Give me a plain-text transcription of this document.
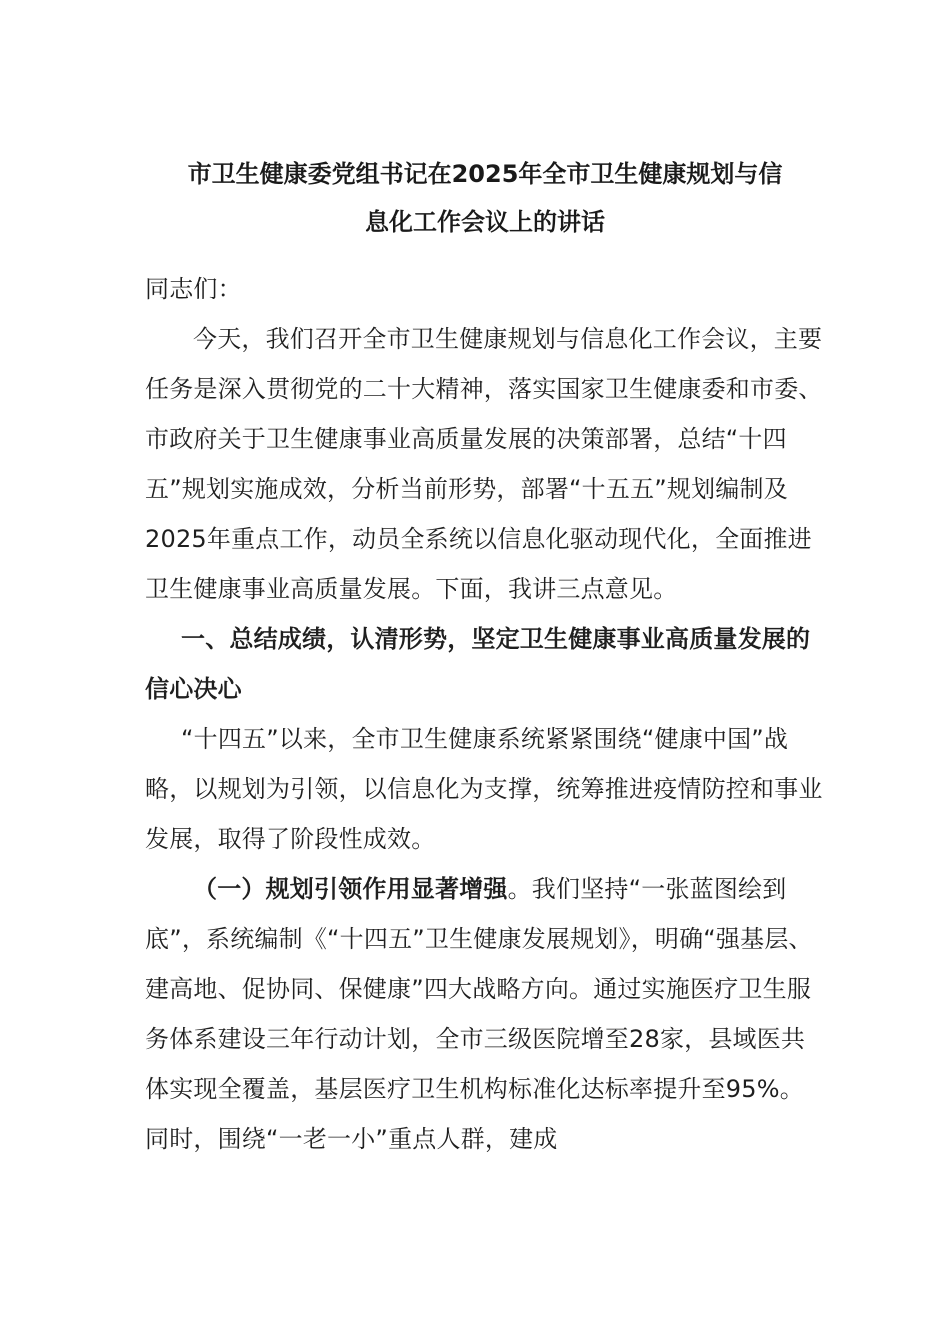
市卫生健康委党组书记在2025年全市卫生健康规划与信
息化工作会议上的讲话

同志们：

今天，我们召开全市卫生健康规划与信息化工作会议，主要任务是深入贯彻党的二十大精神，落实国家卫生健康委和市委、市政府关于卫生健康事业高质量发展的决策部署，总结“十四五”规划实施成效，分析当前形势，部署“十五五”规划编制及2025年重点工作，动员全系统以信息化驱动现代化，全面推进卫生健康事业高质量发展。下面，我讲三点意见。

一、总结成绩，认清形势，坚定卫生健康事业高质量发展的信心决心

“十四五”以来，全市卫生健康系统紧紧围绕“健康中国”战略，以规划为引领，以信息化为支撑，统筹推进疫情防控和事业发展，取得了阶段性成效。

（一）规划引领作用显著增强。我们坚持“一张蓝图绘到底”，系统编制《“十四五”卫生健康发展规划》，明确“强基层、建高地、促协同、保健康”四大战略方向。通过实施医疗卫生服务体系建设三年行动计划，全市三级医院增至28家，县域医共体实现全覆盖，基层医疗卫生机构标准化达标率提升至95%。同时，围绕“一老一小”重点人群，建成
